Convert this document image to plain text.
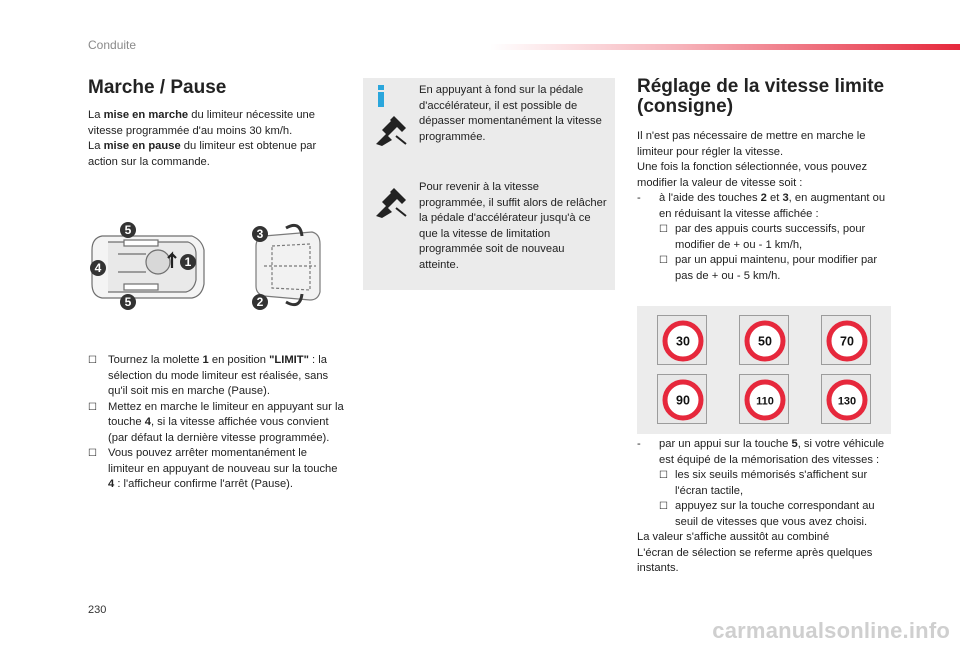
Conduite
Marche / Pause
La mise en marche du limiteur nécessite une vitesse programmée d'au moins 30 km/h.
La mise en pause du limiteur est obtenue par action sur la commande.
5
4
5
1
3
2
☐ Tournez la molette 1 en position "LIMIT" : la sélection du mode limiteur est réalisée, sans qu'il soit mis en marche (Pause).
☐ Mettez en marche le limiteur en appuyant sur la touche 4, si la vitesse affichée vous convient (par défaut la dernière vitesse programmée).
☐ Vous pouvez arrêter momentanément le limiteur en appuyant de nouveau sur la touche 4 : l'afficheur confirme l'arrêt (Pause).
En appuyant à fond sur la pédale d'accélérateur, il est possible de dépasser momentanément la vitesse programmée.
Pour revenir à la vitesse programmée, il suffit alors de relâcher la pédale d'accélérateur jusqu'à ce que la vitesse de limitation programmée soit de nouveau atteinte.
Réglage de la vitesse limite
(consigne)
Il n'est pas nécessaire de mettre en marche le limiteur pour régler la vitesse.
Une fois la fonction sélectionnée, vous pouvez modifier la valeur de vitesse soit :
- à l'aide des touches 2 et 3, en augmentant ou en réduisant la vitesse affichée :
☐ par des appuis courts successifs, pour modifier de + ou - 1 km/h,
☐ par un appui maintenu, pour modifier par pas de + ou - 5 km/h.
30	50	70
90	110	130
- par un appui sur la touche 5, si votre véhicule est équipé de la mémorisation des vitesses :
☐ les six seuils mémorisés s'affichent sur l'écran tactile,
☐ appuyez sur la touche correspondant au seuil de vitesses que vous avez choisi.
La valeur s'affiche aussitôt au combiné
L'écran de sélection se referme après quelques instants.
230
carmanualsonline.info
